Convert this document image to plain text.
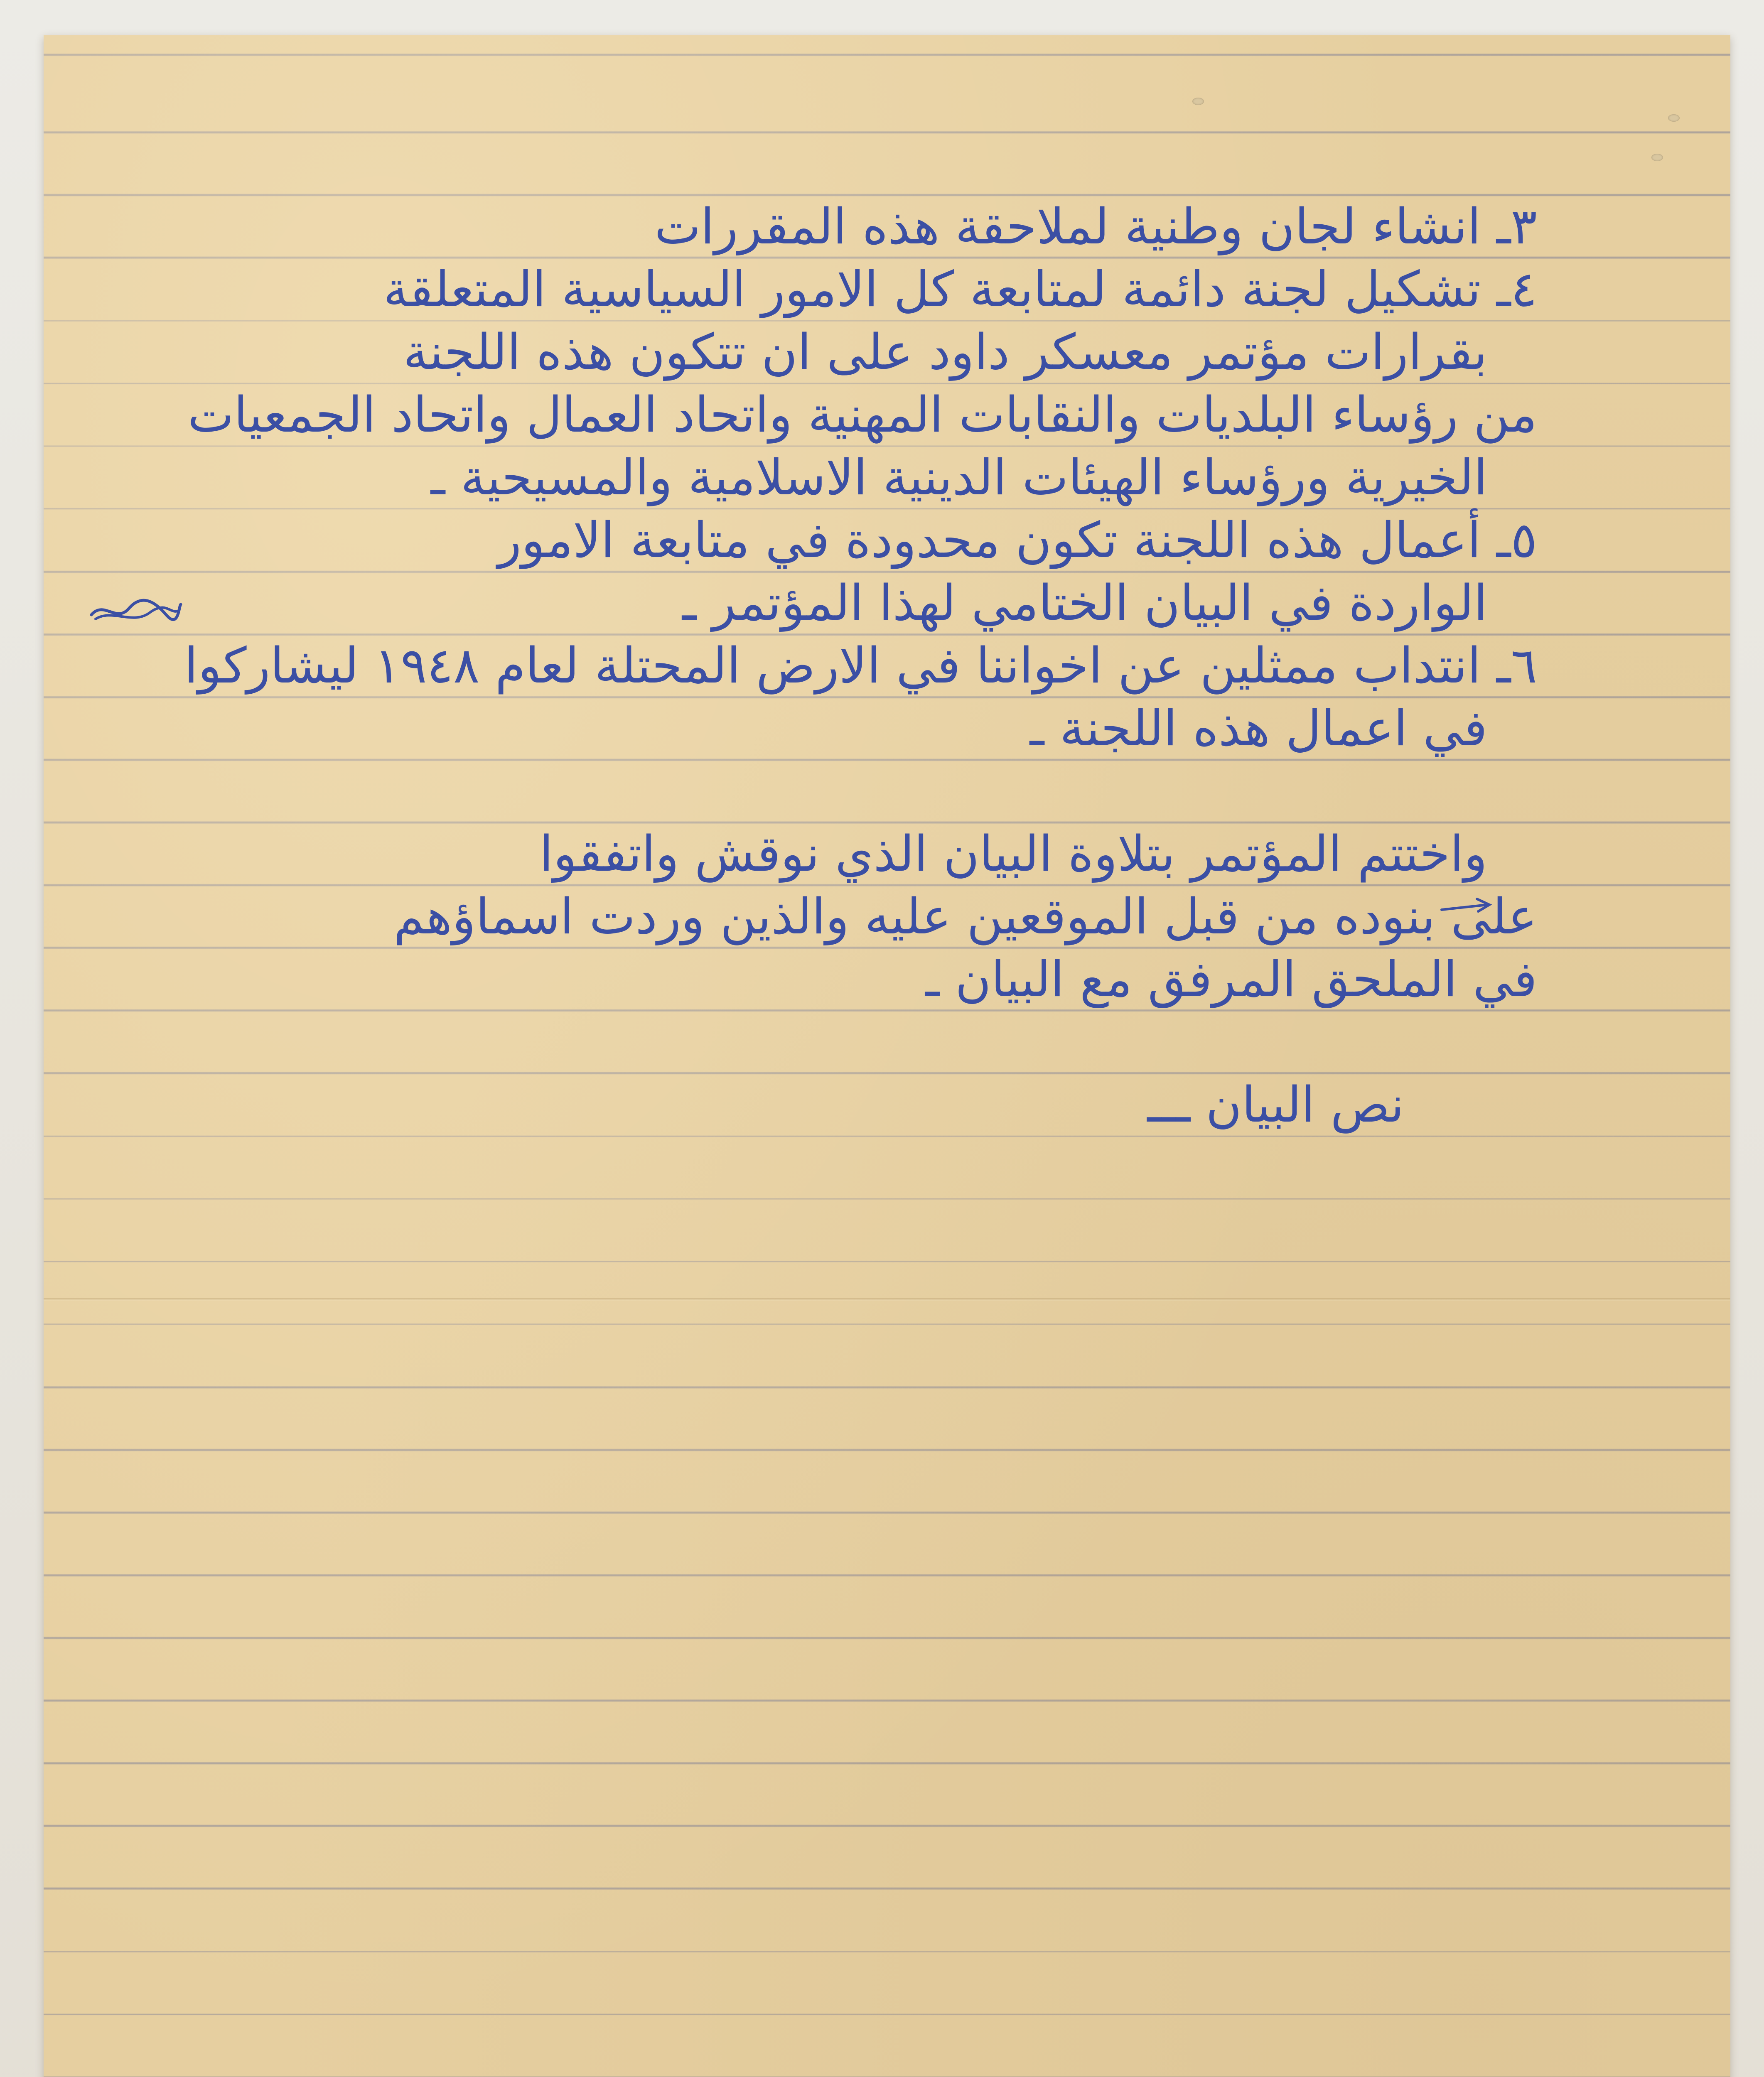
٣ـ انشاء لجان وطنية لملاحقة هذه المقررات
٤ـ تشكيل لجنة دائمة لمتابعة كل الامور السياسية المتعلقة
بقرارات مؤتمر معسكر داود على ان تتكون هذه اللجنة
من رؤساء البلديات والنقابات المهنية واتحاد العمال واتحاد الجمعيات
الخيرية ورؤساء الهيئات الدينية الاسلامية والمسيحية ـ
٥ـ أعمال هذه اللجنة تكون محدودة في متابعة الامور
الواردة في البيان الختامي لهذا المؤتمر ـ
٦ـ انتداب ممثلين عن اخواننا في الارض المحتلة لعام ١٩٤٨ ليشاركوا
في اعمال هذه اللجنة ـ
واختتم المؤتمر بتلاوة البيان الذي نوقش واتفقوا
على بنوده من قبل الموقعين عليه والذين وردت اسماؤهم
في الملحق المرفق مع البيان ـ
نص البيان ـــ
